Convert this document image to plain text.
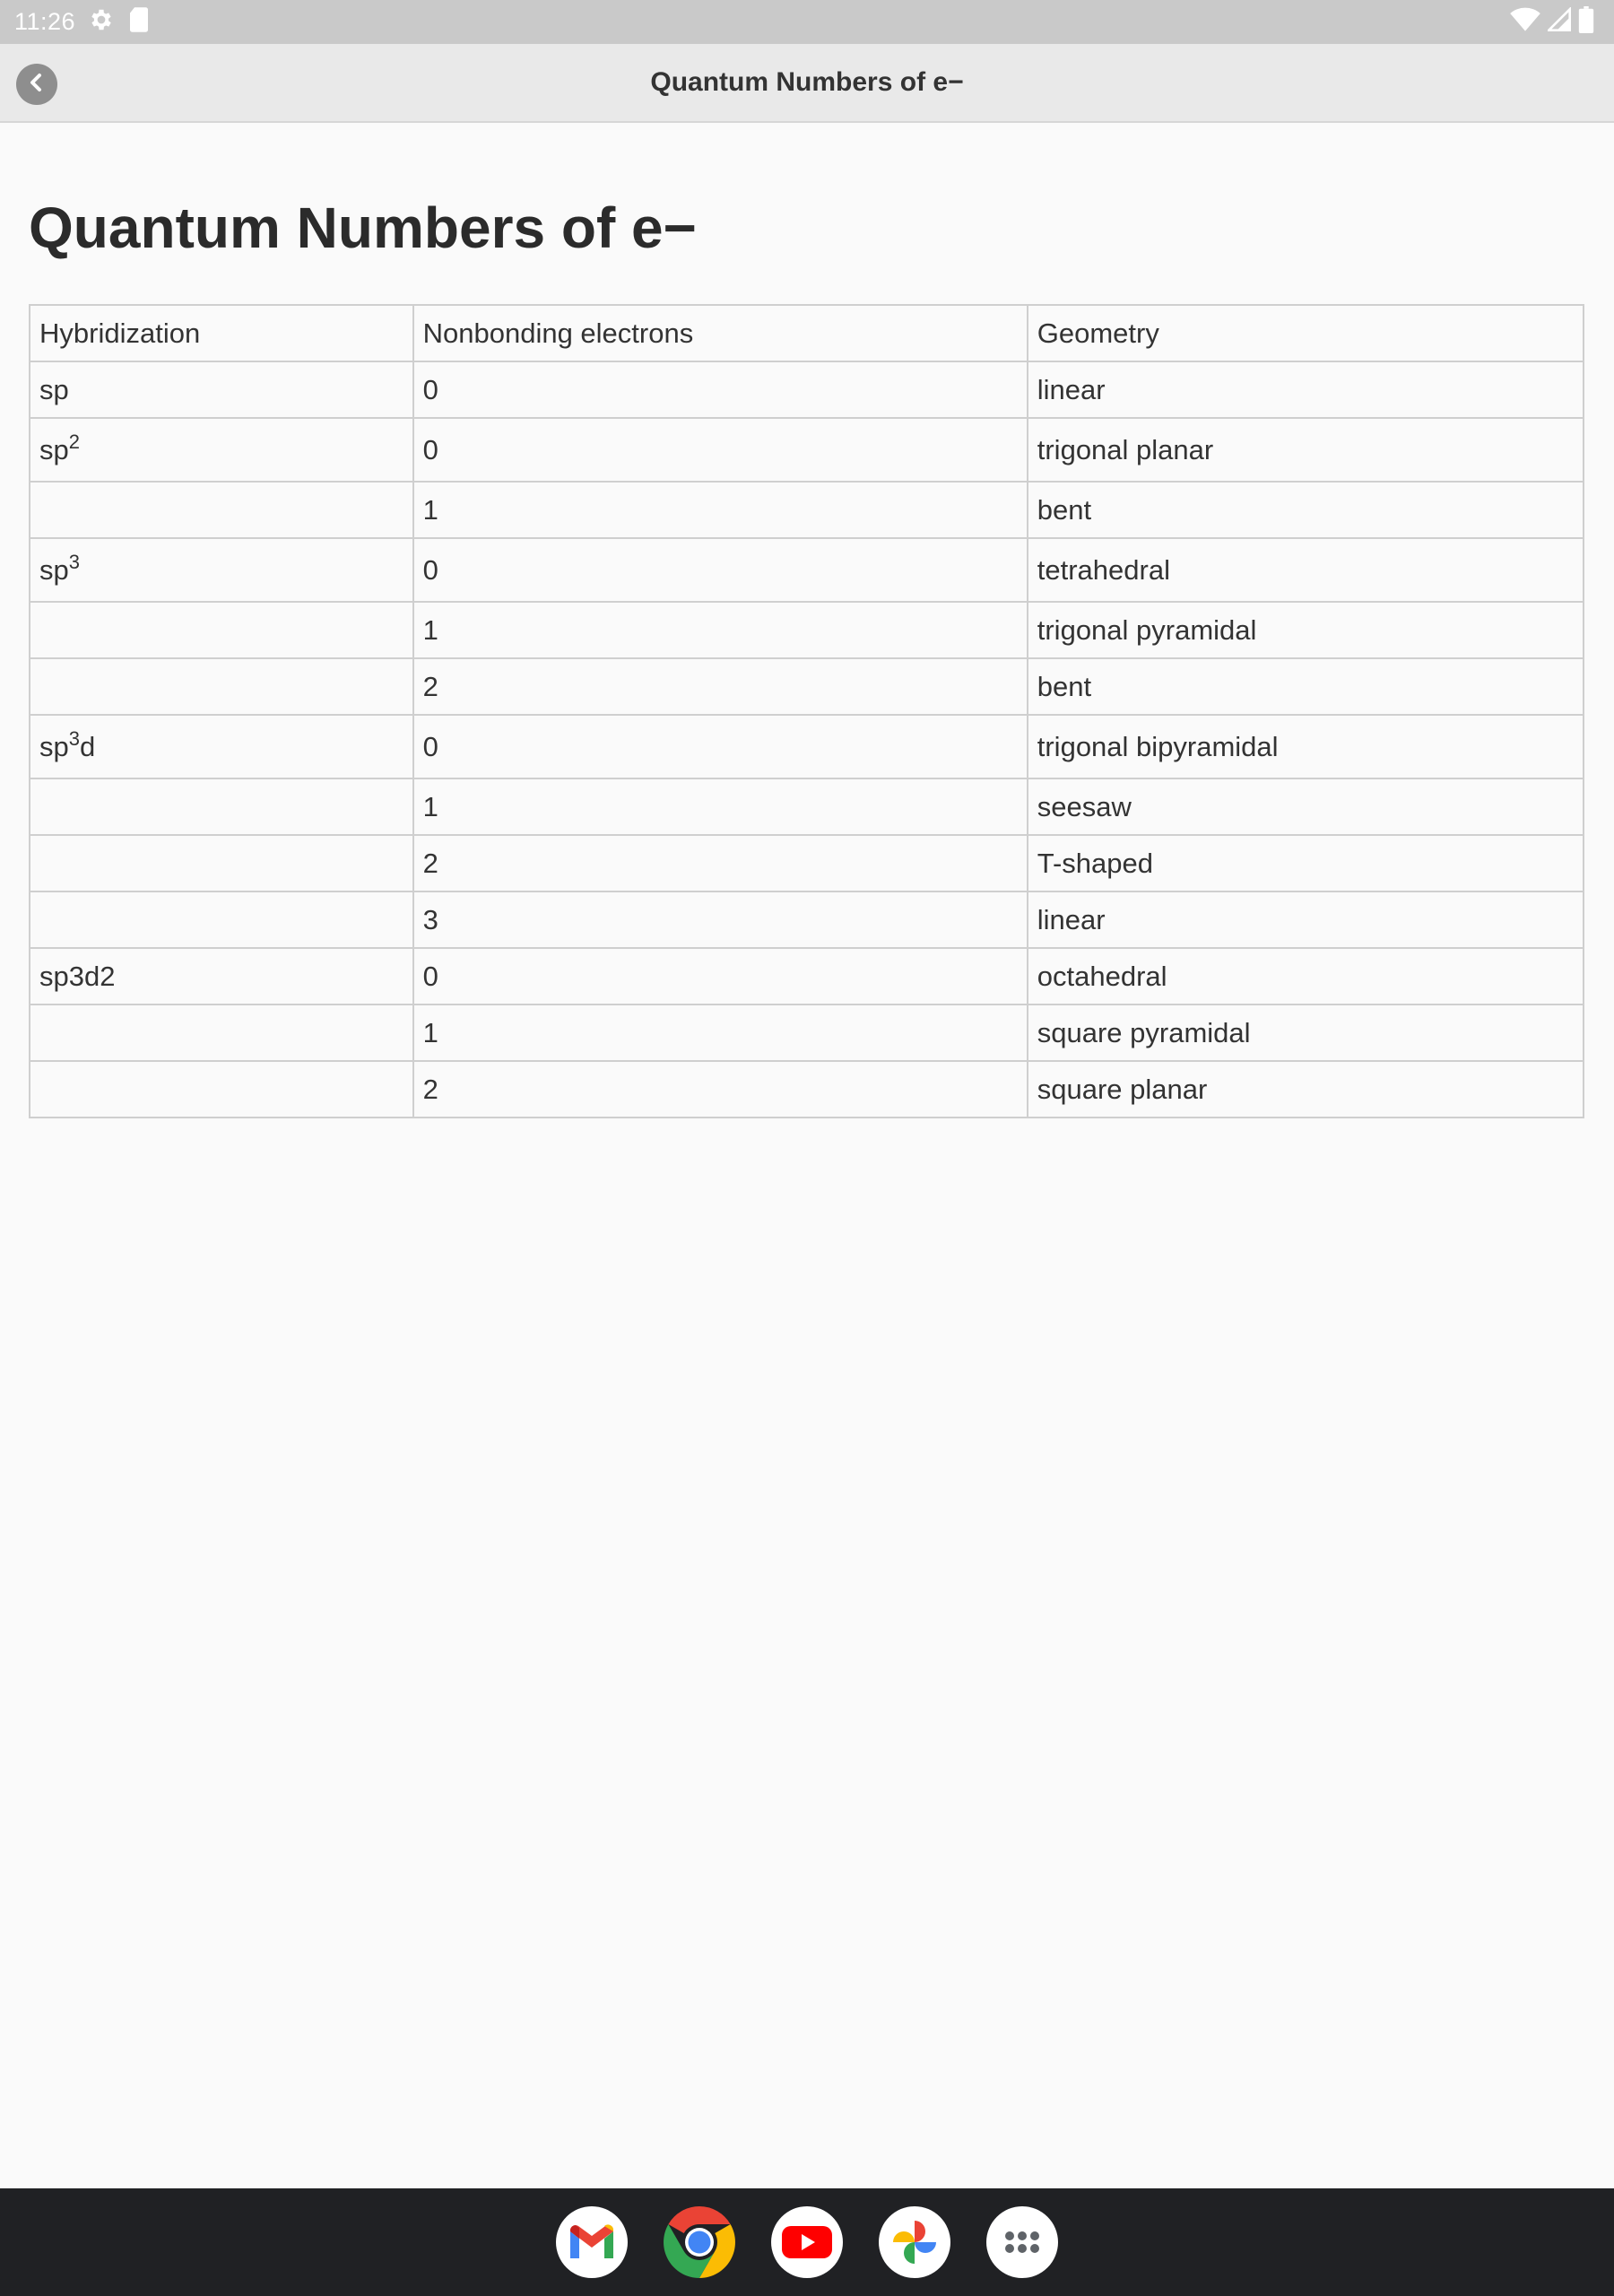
11:26
Quantum Numbers of e−
Quantum Numbers of e−
Hybridization	Nonbonding electrons	Geometry
sp	0	linear
$sp^2$	0	trigonal planar
	1	bent
$sp^3$	0	tetrahedral
	1	trigonal pyramidal
	2	bent
$sp^3d$	0	trigonal bipyramidal
	1	seesaw
	2	T-shaped
	3	linear
sp3d2	0	octahedral
	1	square pyramidal
	2	square planar
